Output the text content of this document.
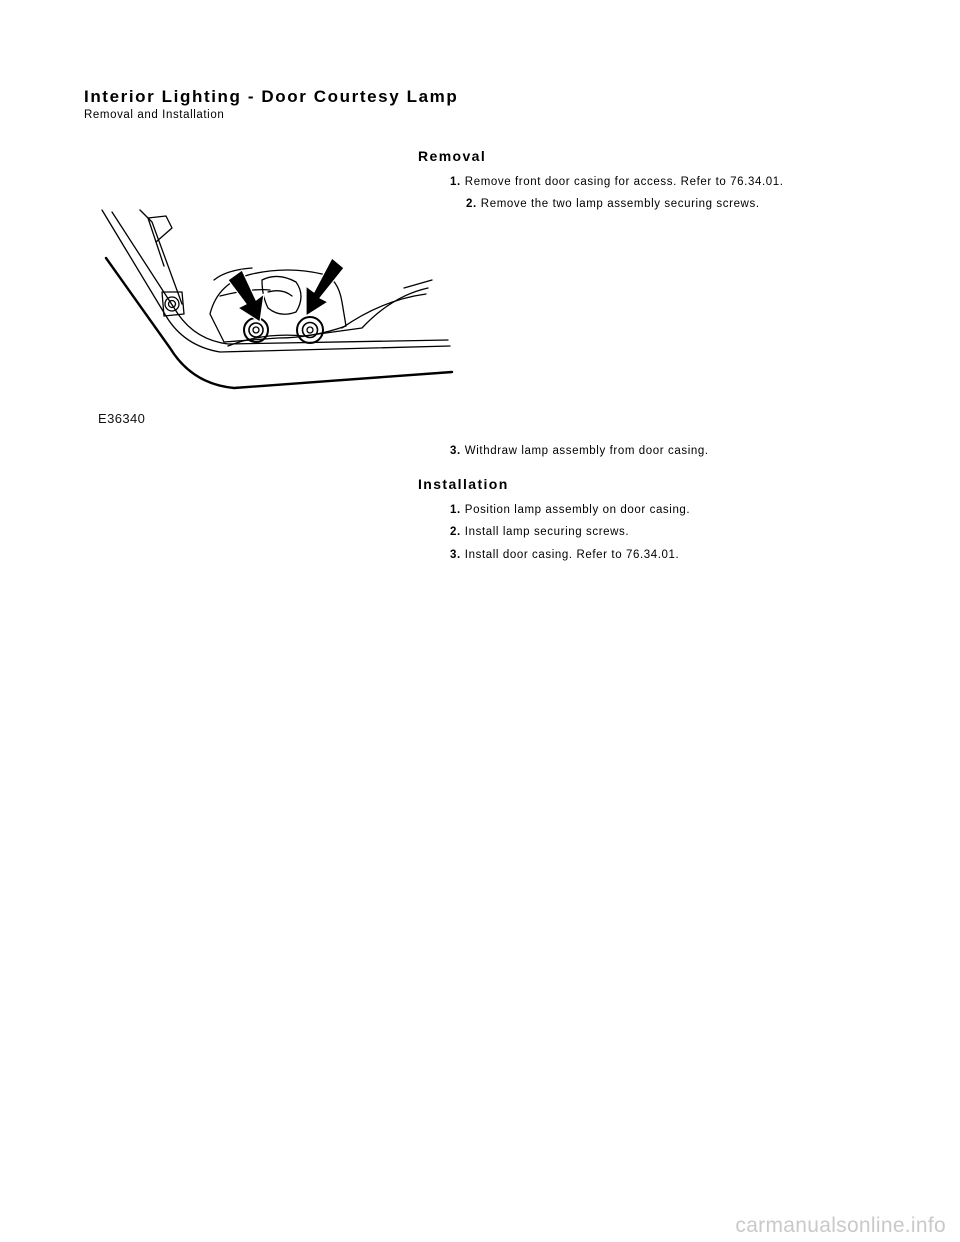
Interior Lighting - Door Courtesy Lamp

Removal and Installation

Removal
1. Remove front door casing for access. Refer to 76.34.01.
2. Remove the two lamp assembly securing screws.
E36340
3. Withdraw lamp assembly from door casing.
Installation
1. Position lamp assembly on door casing.
2. Install lamp securing screws.
3. Install door casing. Refer to 76.34.01.
carmanualsonline.info
